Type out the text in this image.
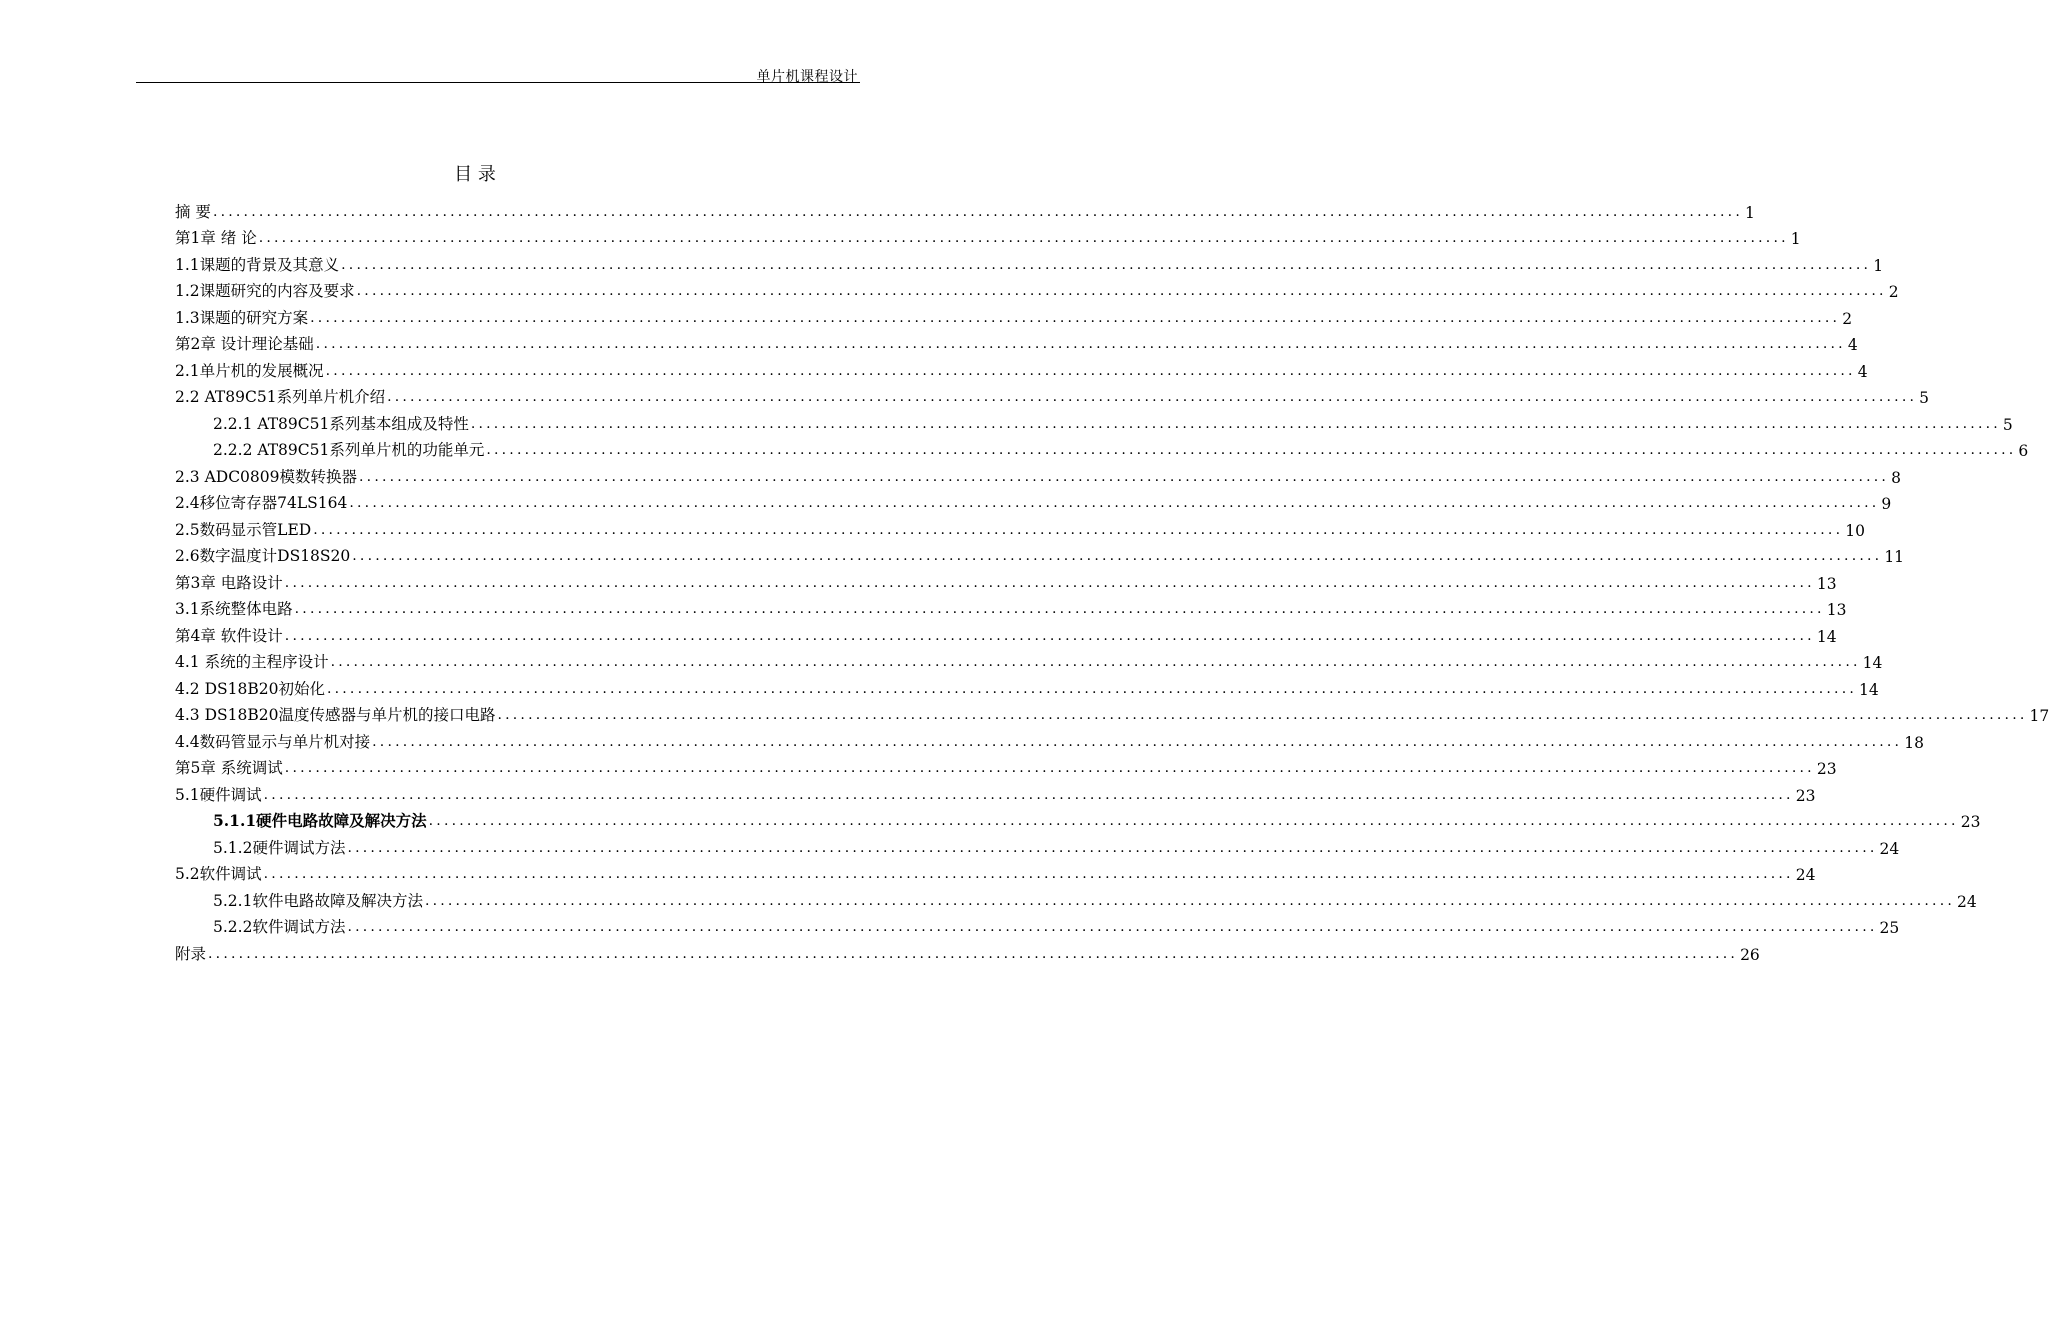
单片机课程设计
目 录
摘 要 ........................................................................................................................................................................................................ 1
第1章 绪 论 ........................................................................................................................................................................................................ 1
1.1课题的背景及其意义 ........................................................................................................................................................................................................ 1
1.2课题研究的内容及要求 ........................................................................................................................................................................................................ 2
1.3课题的研究方案 ........................................................................................................................................................................................................ 2
第2章 设计理论基础 ........................................................................................................................................................................................................ 4
2.1单片机的发展概况 ........................................................................................................................................................................................................ 4
2.2 AT89C51系列单片机介绍 ........................................................................................................................................................................................................ 5
2.2.1 AT89C51系列基本组成及特性 ........................................................................................................................................................................................................ 5
2.2.2 AT89C51系列单片机的功能单元 ........................................................................................................................................................................................................ 6
2.3 ADC0809模数转换器 ........................................................................................................................................................................................................ 8
2.4移位寄存器74LS164 ........................................................................................................................................................................................................ 9
2.5数码显示管LED ........................................................................................................................................................................................................ 10
2.6数字温度计DS18S20 ........................................................................................................................................................................................................ 11
第3章 电路设计 ........................................................................................................................................................................................................ 13
3.1系统整体电路 ........................................................................................................................................................................................................ 13
第4章 软件设计 ........................................................................................................................................................................................................ 14
4.1 系统的主程序设计 ........................................................................................................................................................................................................ 14
4.2 DS18B20初始化 ........................................................................................................................................................................................................ 14
4.3 DS18B20温度传感器与单片机的接口电路 ........................................................................................................................................................................................................ 17
4.4数码管显示与单片机对接 ........................................................................................................................................................................................................ 18
第5章 系统调试 ........................................................................................................................................................................................................ 23
5.1硬件调试 ........................................................................................................................................................................................................ 23
5.1.1硬件电路故障及解决方法 ........................................................................................................................................................................................................ 23
5.1.2硬件调试方法 ........................................................................................................................................................................................................ 24
5.2软件调试 ........................................................................................................................................................................................................ 24
5.2.1软件电路故障及解决方法 ........................................................................................................................................................................................................ 24
5.2.2软件调试方法 ........................................................................................................................................................................................................ 25
附录 ........................................................................................................................................................................................................ 26
